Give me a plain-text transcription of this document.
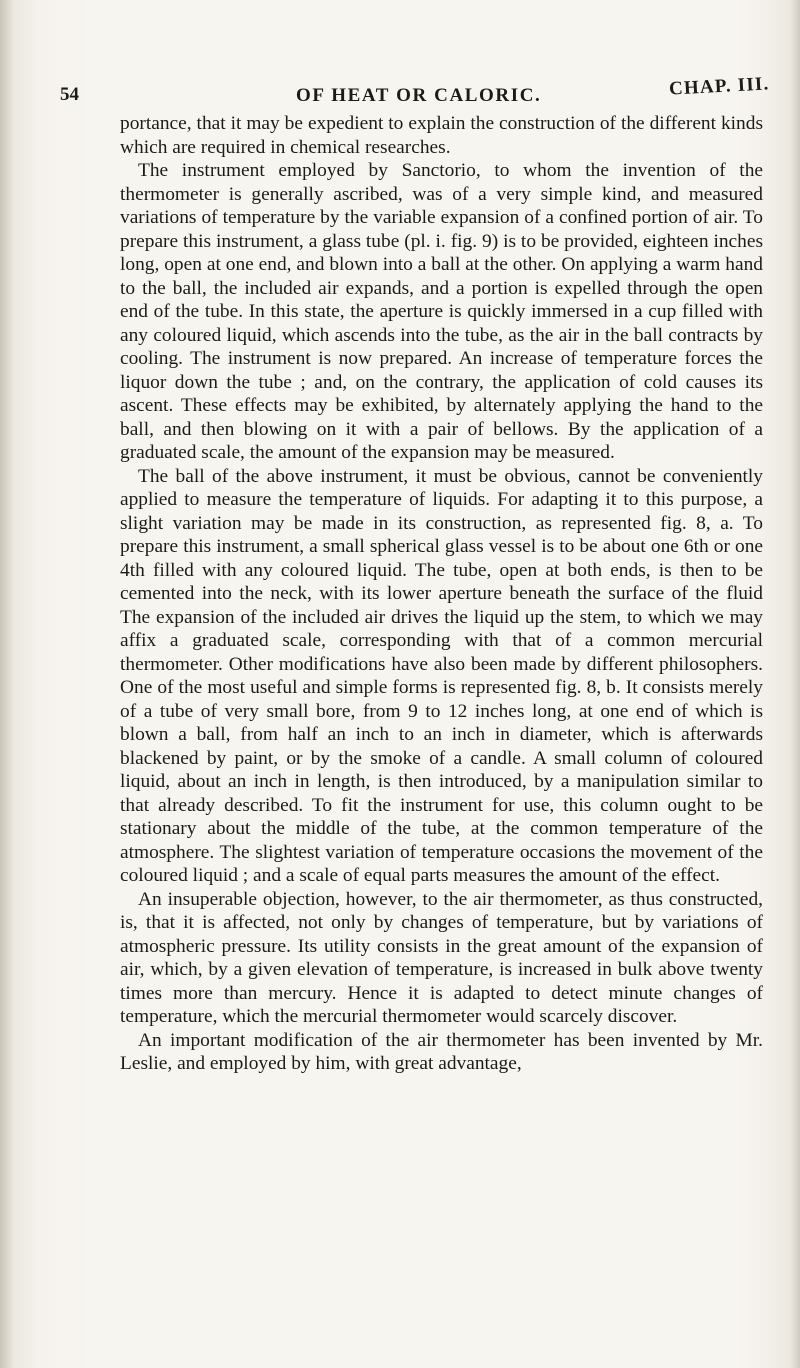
54	OF HEAT OR CALORIC.	CHAP. III.

portance, that it may be expedient to explain the construction of the different kinds which are required in chemical researches.

The instrument employed by Sanctorio, to whom the invention of the thermometer is generally ascribed, was of a very simple kind, and measured variations of temperature by the variable expansion of a confined portion of air. To prepare this instrument, a glass tube (pl. i. fig. 9) is to be provided, eighteen inches long, open at one end, and blown into a ball at the other. On applying a warm hand to the ball, the included air expands, and a portion is expelled through the open end of the tube. In this state, the aperture is quickly immersed in a cup filled with any coloured liquid, which ascends into the tube, as the air in the ball contracts by cooling. The instrument is now prepared. An increase of temperature forces the liquor down the tube ; and, on the contrary, the application of cold causes its ascent. These effects may be exhibited, by alternately applying the hand to the ball, and then blowing on it with a pair of bellows. By the application of a graduated scale, the amount of the expansion may be measured.

The ball of the above instrument, it must be obvious, cannot be conveniently applied to measure the temperature of liquids. For adapting it to this purpose, a slight variation may be made in its construction, as represented fig. 8, a. To prepare this instrument, a small spherical glass vessel is to be about one 6th or one 4th filled with any coloured liquid. The tube, open at both ends, is then to be cemented into the neck, with its lower aperture beneath the surface of the fluid The expansion of the included air drives the liquid up the stem, to which we may affix a graduated scale, corresponding with that of a common mercurial thermometer. Other modifications have also been made by different philosophers. One of the most useful and simple forms is represented fig. 8, b. It consists merely of a tube of very small bore, from 9 to 12 inches long, at one end of which is blown a ball, from half an inch to an inch in diameter, which is afterwards blackened by paint, or by the smoke of a candle. A small column of coloured liquid, about an inch in length, is then introduced, by a manipulation similar to that already described. To fit the instrument for use, this column ought to be stationary about the middle of the tube, at the common temperature of the atmosphere. The slightest variation of temperature occasions the movement of the coloured liquid ; and a scale of equal parts measures the amount of the effect.

An insuperable objection, however, to the air thermometer, as thus constructed, is, that it is affected, not only by changes of temperature, but by variations of atmospheric pressure. Its utility consists in the great amount of the expansion of air, which, by a given elevation of temperature, is increased in bulk above twenty times more than mercury. Hence it is adapted to detect minute changes of temperature, which the mercurial thermometer would scarcely discover.

An important modification of the air thermometer has been invented by Mr. Leslie, and employed by him, with great advantage,
